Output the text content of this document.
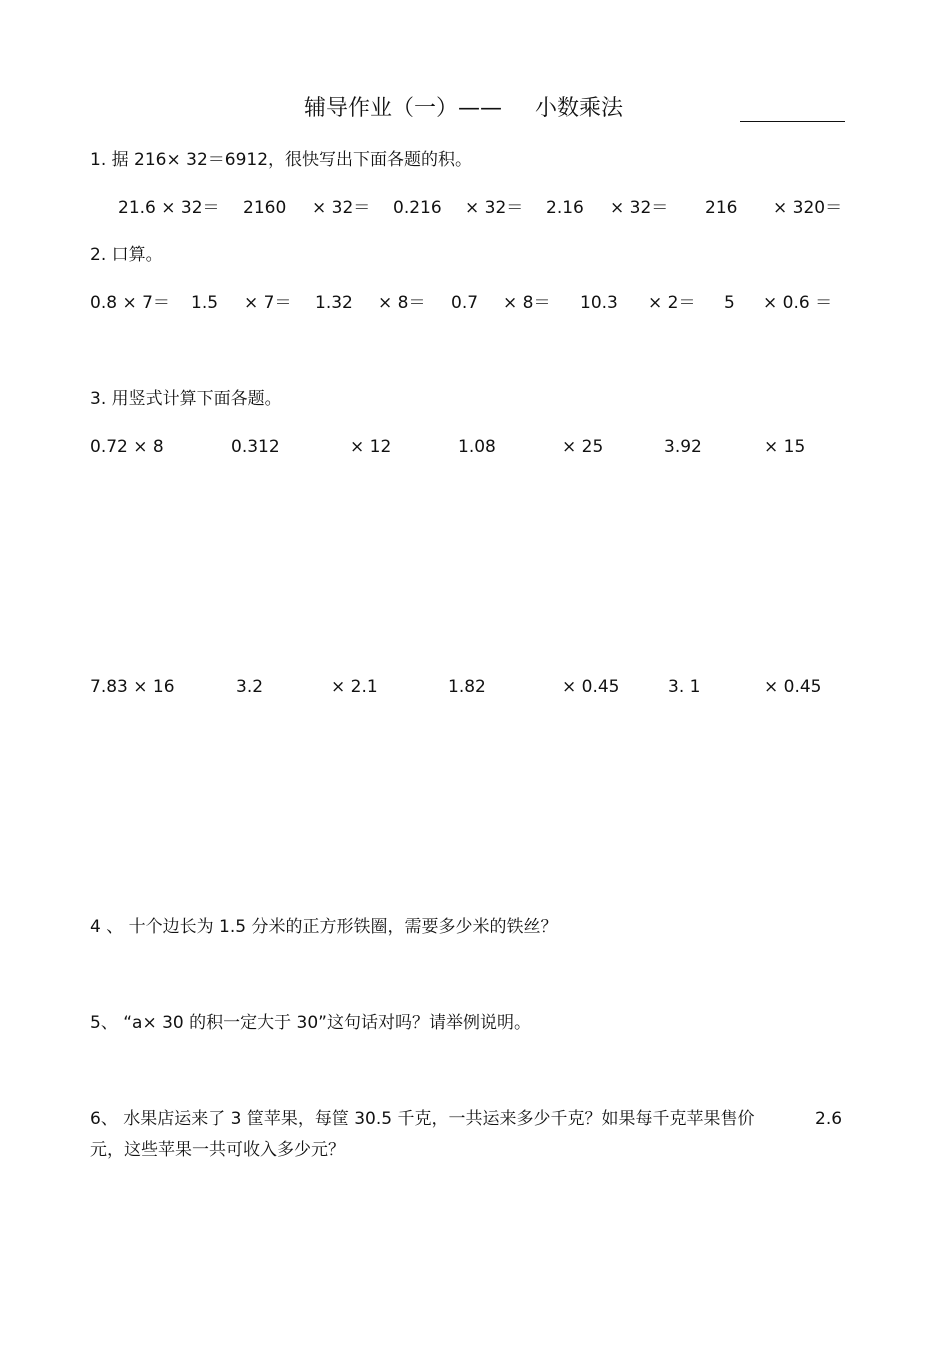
辅导作业（一）—— 小数乘法
1. 据 216× 32＝6912，很快写出下面各题的积。
21.6 × 32＝ 2160 × 32＝ 0.216 × 32＝ 2.16 × 32＝ 216 × 320＝
2. 口算。
0.8 × 7＝ 1.5 × 7＝ 1.32 × 8＝ 0.7 × 8＝ 10.3 × 2＝ 5 × 0.6 ＝
3. 用竖式计算下面各题。
0.72 × 8	0.312	× 12	1.08	× 25	3.92	× 15
7.83 × 16	3.2	× 2.1	1.82	× 0.45	3. 1	× 0.45
4 、 十个边长为 1.5 分米的正方形铁圈，需要多少米的铁丝？
5、 “a× 30 的积一定大于 30”这句话对吗？请举例说明。
6、 水果店运来了 3 筐苹果，每筐 30.5 千克，一共运来多少千克？如果每千克苹果售价	2.6
元，这些苹果一共可收入多少元？
